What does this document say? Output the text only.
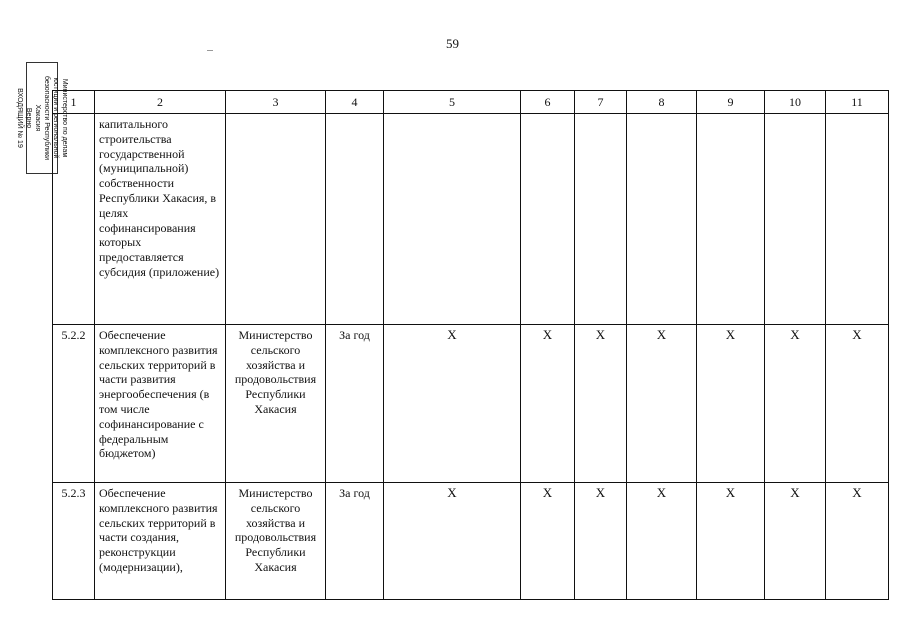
59
Министерство по делам
юстиции и региональной
безопасности Республики
Хакасия
Верно
ВХОДЯЩИЙ № 19	1	2	3	4	5	6	7	8	9	10	11
	капитального строительства государственной (муниципальной) собственности Республики Хакасия, в целях софинансирования которых предоставляется субсидия (приложение)									
5.2.2	Обеспечение комплексного развития сельских территорий в части развития энергообеспечения (в том числе софинансирование с федеральным бюджетом)	Министерство сельского хозяйства и продовольствия Республики Хакасия	За год	X	X	X	X	X	X	X
5.2.3	Обеспечение комплексного развития сельских территорий в части создания, реконструкции (модернизации),	Министерство сельского хозяйства и продовольствия Республики Хакасия	За год	X	X	X	X	X	X	X
